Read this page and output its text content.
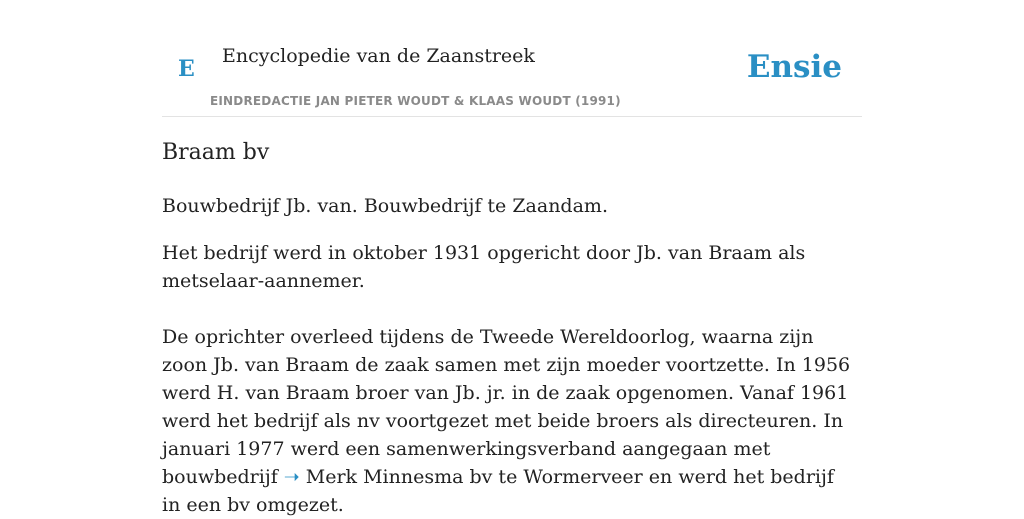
E Encyclopedie van de Zaanstreek
EINDREDACTIE JAN PIETER WOUDT & KLAAS WOUDT (1991)
Ensie
Braam bv

Bouwbedrijf Jb. van. Bouwbedrijf te Zaandam.

Het bedrijf werd in oktober 1931 opgericht door Jb. van Braam als metselaar-aannemer.

De oprichter overleed tijdens de Tweede Wereldoorlog, waarna zijn zoon Jb. van Braam de zaak samen met zijn moeder voortzette. In 1956 werd H. van Braam broer van Jb. jr. in de zaak opgenomen. Vanaf 1961 werd het bedrijf als nv voortgezet met beide broers als directeuren. In januari 1977 werd een samenwerkingsverband aangegaan met bouwbedrijf ➝ Merk Minnesma bv te Wormerveer en werd het bedrijf in een bv omgezet.
